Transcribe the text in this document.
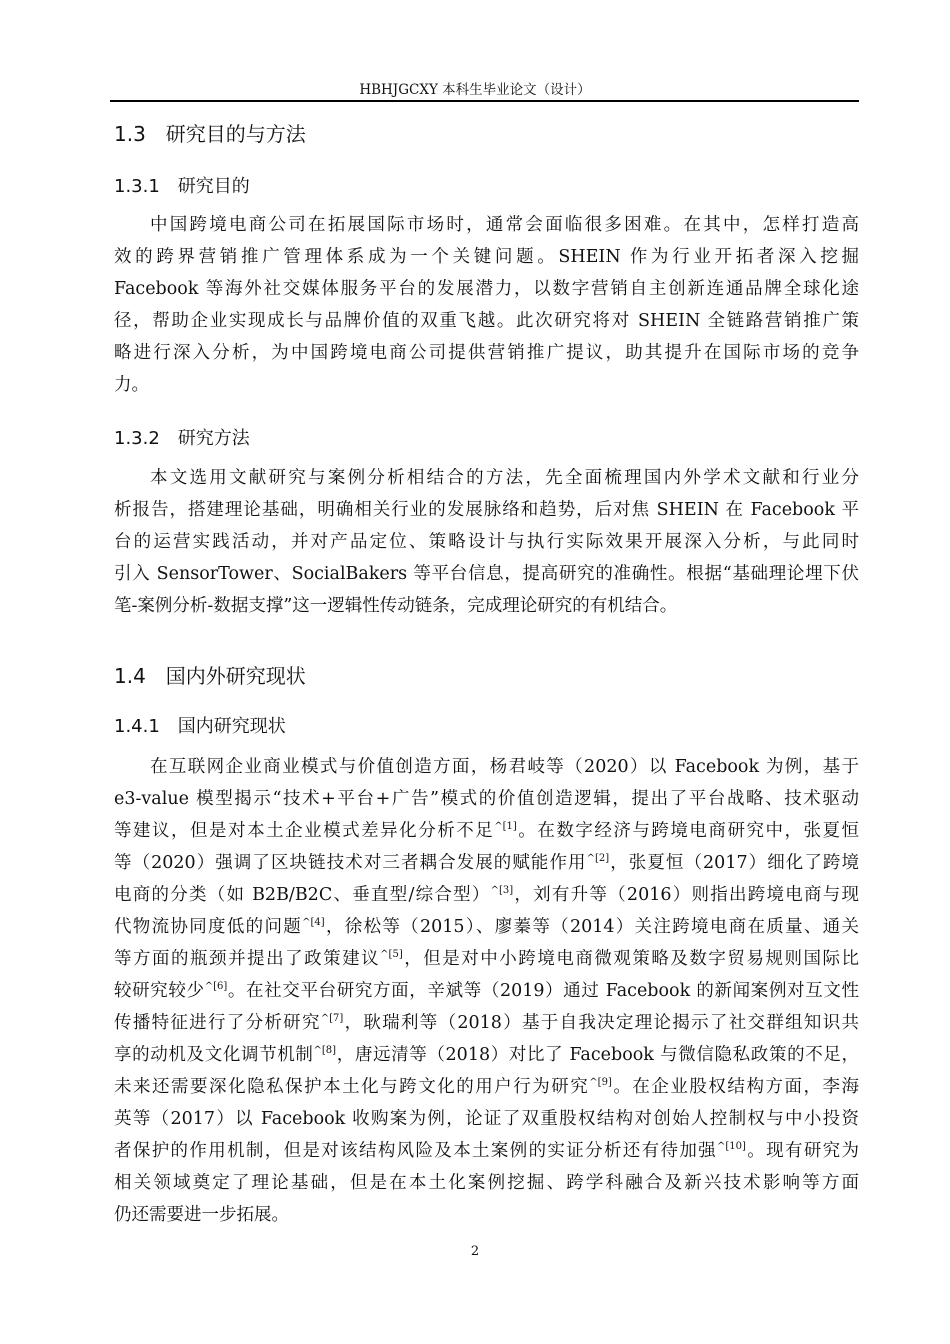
HBHJGCXY 本科生毕业论文（设计）
1.3　研究目的与方法
1.3.1　研究目的
中国跨境电商公司在拓展国际市场时，通常会面临很多困难。在其中，怎样打造高
效的跨界营销推广管理体系成为一个关键问题。SHEIN 作为行业开拓者深入挖掘
Facebook 等海外社交媒体服务平台的发展潜力，以数字营销自主创新连通品牌全球化途
径，帮助企业实现成长与品牌价值的双重飞越。此次研究将对 SHEIN 全链路营销推广策
略进行深入分析，为中国跨境电商公司提供营销推广提议，助其提升在国际市场的竞争
力。
1.3.2　研究方法
本文选用文献研究与案例分析相结合的方法，先全面梳理国内外学术文献和行业分
析报告，搭建理论基础，明确相关行业的发展脉络和趋势，后对焦 SHEIN 在 Facebook 平
台的运营实践活动，并对产品定位、策略设计与执行实际效果开展深入分析，与此同时
引入 SensorTower、SocialBakers 等平台信息，提高研究的准确性。根据“基础理论埋下伏
笔-案例分析-数据支撑”这一逻辑性传动链条，完成理论研究的有机结合。
1.4　国内外研究现状
1.4.1　国内研究现状
在互联网企业商业模式与价值创造方面，杨君岐等（2020）以 Facebook 为例，基于
e3-value 模型揭示“技术+平台+广告”模式的价值创造逻辑，提出了平台战略、技术驱动
等建议，但是对本土企业模式差异化分析不足$^{\^{}[1]}$。在数字经济与跨境电商研究中，张夏恒
等（2020）强调了区块链技术对三者耦合发展的赋能作用$^{\^{}[2]}$，张夏恒（2017）细化了跨境
电商的分类（如 B2B/B2C、垂直型/综合型）$^{\^{}[3]}$，刘有升等（2016）则指出跨境电商与现
代物流协同度低的问题$^{\^{}[4]}$，徐松等（2015）、廖蓁等（2014）关注跨境电商在质量、通关
等方面的瓶颈并提出了政策建议$^{\^{}[5]}$，但是对中小跨境电商微观策略及数字贸易规则国际比
较研究较少$^{\^{}[6]}$。在社交平台研究方面，辛斌等（2019）通过 Facebook 的新闻案例对互文性
传播特征进行了分析研究$^{\^{}[7]}$，耿瑞利等（2018）基于自我决定理论揭示了社交群组知识共
享的动机及文化调节机制$^{\^{}[8]}$，唐远清等（2018）对比了 Facebook 与微信隐私政策的不足，
未来还需要深化隐私保护本土化与跨文化的用户行为研究$^{\^{}[9]}$。在企业股权结构方面，李海
英等（2017）以 Facebook 收购案为例，论证了双重股权结构对创始人控制权与中小投资
者保护的作用机制，但是对该结构风险及本土案例的实证分析还有待加强$^{\^{}[10]}$。现有研究为
相关领域奠定了理论基础，但是在本土化案例挖掘、跨学科融合及新兴技术影响等方面
仍还需要进一步拓展。
2
